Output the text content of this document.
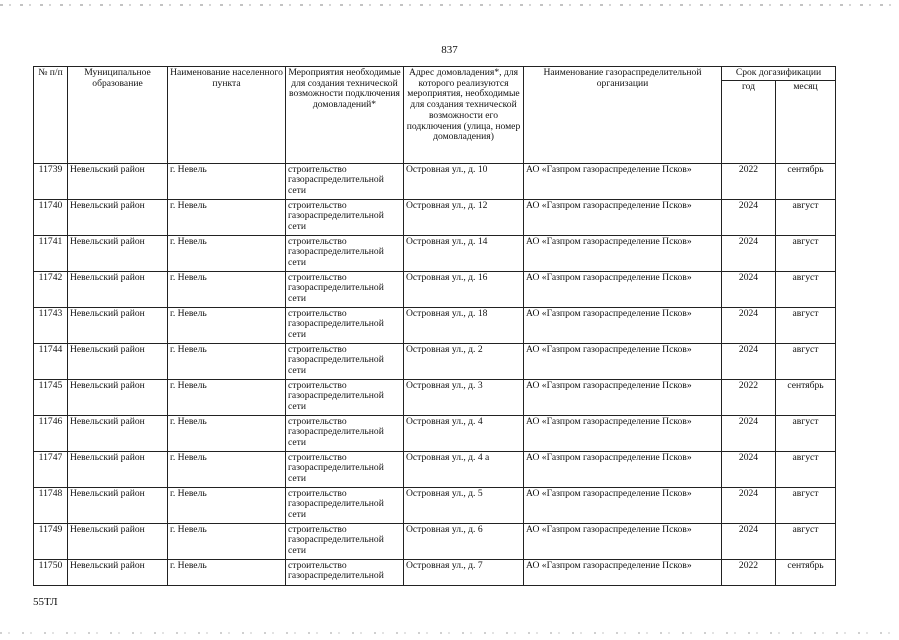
837
№ п/п	Муниципальное образование	Наименование населенного пункта	Мероприятия необходимые для создания технической возможности подключения домовладений*	Адрес домовладения*, для которого реализуются мероприятия, необходимые для создания технической возможности его подключения (улица, номер домовладения)	Наименование газораспределительной организации	Срок догазификации	
						год	месяц
11739	Невельский район	г. Невель	строительство газораспределительной сети	Островная ул., д. 10	АО «Газпром газораспределение Псков»	2022	сентябрь
11740	Невельский район	г. Невель	строительство газораспределительной сети	Островная ул., д. 12	АО «Газпром газораспределение Псков»	2024	август
11741	Невельский район	г. Невель	строительство газораспределительной сети	Островная ул., д. 14	АО «Газпром газораспределение Псков»	2024	август
11742	Невельский район	г. Невель	строительство газораспределительной сети	Островная ул., д. 16	АО «Газпром газораспределение Псков»	2024	август
11743	Невельский район	г. Невель	строительство газораспределительной сети	Островная ул., д. 18	АО «Газпром газораспределение Псков»	2024	август
11744	Невельский район	г. Невель	строительство газораспределительной сети	Островная ул., д. 2	АО «Газпром газораспределение Псков»	2024	август
11745	Невельский район	г. Невель	строительство газораспределительной сети	Островная ул., д. 3	АО «Газпром газораспределение Псков»	2022	сентябрь
11746	Невельский район	г. Невель	строительство газораспределительной сети	Островная ул., д. 4	АО «Газпром газораспределение Псков»	2024	август
11747	Невельский район	г. Невель	строительство газораспределительной сети	Островная ул., д. 4 а	АО «Газпром газораспределение Псков»	2024	август
11748	Невельский район	г. Невель	строительство газораспределительной сети	Островная ул., д. 5	АО «Газпром газораспределение Псков»	2024	август
11749	Невельский район	г. Невель	строительство газораспределительной сети	Островная ул., д. 6	АО «Газпром газораспределение Псков»	2024	август
11750	Невельский район	г. Невель	строительство газораспределительной	Островная ул., д. 7	АО «Газпром газораспределение Псков»	2022	сентябрь
55ТЛ
